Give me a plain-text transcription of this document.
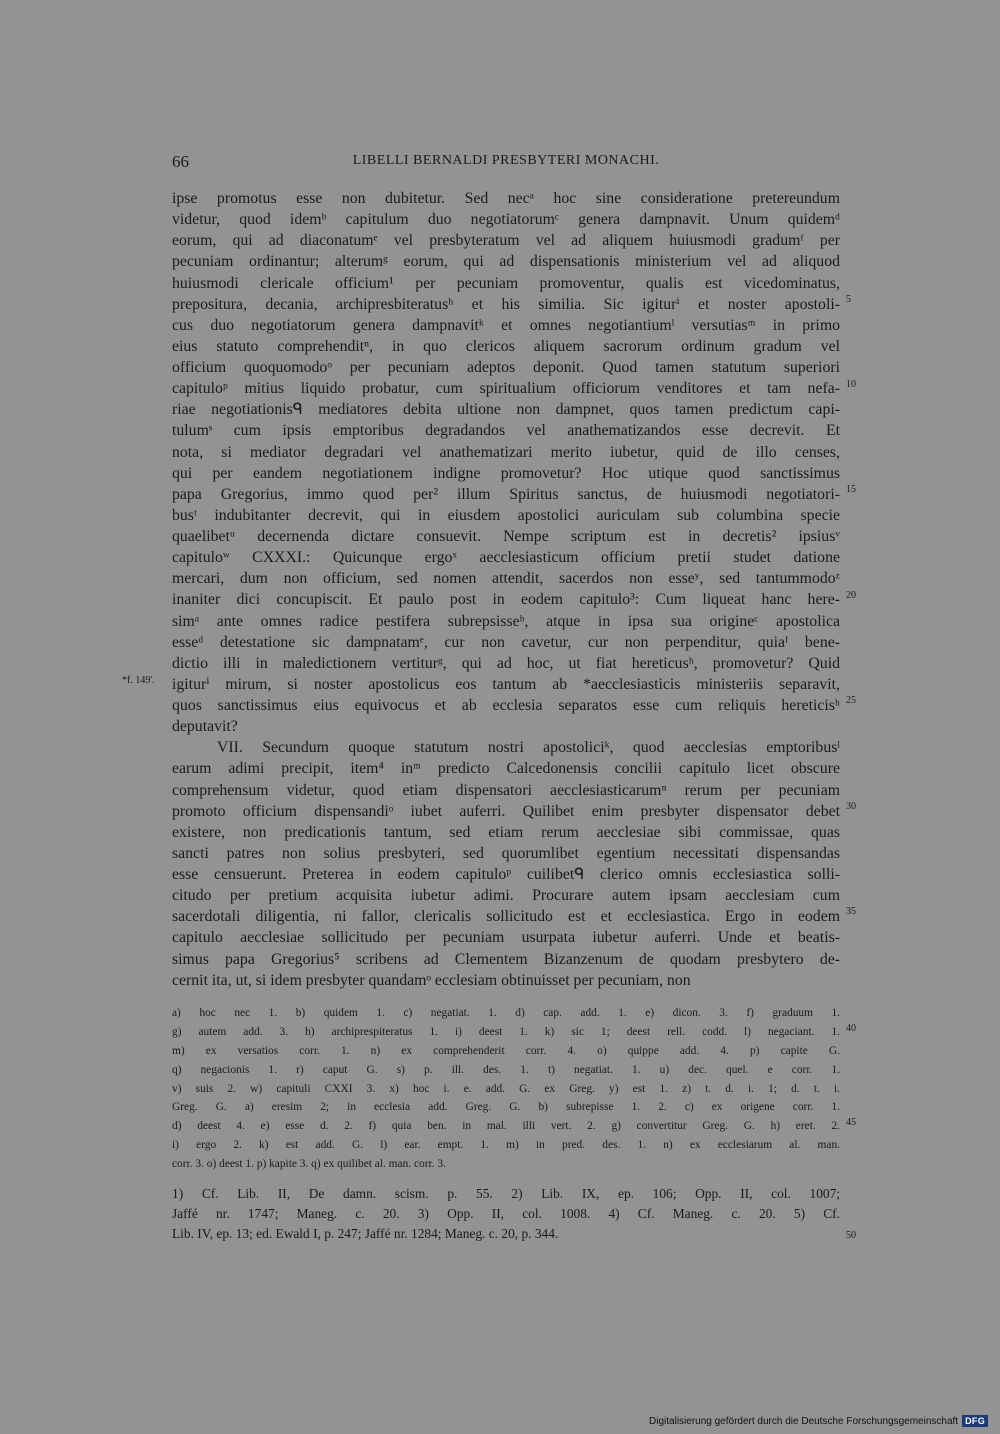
66	LIBELLI BERNALDI PRESBYTERI MONACHI.
ipse promotus esse non dubitetur. Sed necᵃ hoc sine consideratione pretereundum
videtur, quod idemᵇ capitulum duo negotiatorumᶜ genera dampnavit. Unum quidemᵈ
eorum, qui ad diaconatumᵉ vel presbyteratum vel ad aliquem huiusmodi gradumᶠ per
pecuniam ordinantur; alterumᵍ eorum, qui ad dispensationis ministerium vel ad aliquod
huiusmodi clericale officium¹ per pecuniam promoventur, qualis est vicedominatus,
prepositura, decania, archipresbiteratusʰ et his similia. Sic igiturⁱ et noster apostoli-
cus duo negotiatorum genera dampnavitᵏ et omnes negotiantiumˡ versutiasᵐ in primo
eius statuto comprehenditⁿ, in quo clericos aliquem sacrorum ordinum gradum vel
officium quoquomodoᵒ per pecuniam adeptos deponit. Quod tamen statutum superiori
capituloᵖ mitius liquido probatur, cum spiritualium officiorum venditores et tam nefa-
riae negotiationisᑫ mediatores debita ultione non dampnet, quos tamen predictum capi-
tulumˢ cum ipsis emptoribus degradandos vel anathematizandos esse decrevit. Et
nota, si mediator degradari vel anathematizari merito iubetur, quid de illo censes,
qui per eandem negotiationem indigne promovetur? Hoc utique quod sanctissimus
papa Gregorius, immo quod per² illum Spiritus sanctus, de huiusmodi negotiatori-
busᵗ indubitanter decrevit, qui in eiusdem apostolici auriculam sub columbina specie
quaelibetᵘ decernenda dictare consuevit. Nempe scriptum est in decretis² ipsiusᵛ
capituloʷ CXXXI.: Quicunque ergoˣ aecclesiasticum officium pretii studet datione
mercari, dum non officium, sed nomen attendit, sacerdos non esseʸ, sed tantummodoᶻ
inaniter dici concupiscit. Et paulo post in eodem capitulo³: Cum liqueat hanc here-
simᵃ ante omnes radice pestifera subrepsisseᵇ, atque in ipsa sua origineᶜ apostolica
esseᵈ detestatione sic dampnatamᵉ, cur non cavetur, cur non perpenditur, quiaᶠ bene-
dictio illi in maledictionem vertiturᵍ, qui ad hoc, ut fiat hereticusʰ, promovetur? Quid
igiturⁱ mirum, si noster apostolicus eos tantum ab *aecclesiasticis ministeriis separavit,
quos sanctissimus eius equivocus et ab ecclesia separatos esse cum reliquis hereticisʰ
deputavit?
VII. Secundum quoque statutum nostri apostoliciᵏ, quod aecclesias emptoribusˡ
earum adimi precipit, item⁴ inᵐ predicto Calcedonensis concilii capitulo licet obscure
comprehensum videtur, quod etiam dispensatori aecclesiasticarumⁿ rerum per pecuniam
promoto officium dispensandiᵒ iubet auferri. Quilibet enim presbyter dispensator debet
existere, non predicationis tantum, sed etiam rerum aecclesiae sibi commissae, quas
sancti patres non solius presbyteri, sed quorumlibet egentium necessitati dispensandas
esse censuerunt. Preterea in eodem capituloᵖ cuilibetᑫ clerico omnis ecclesiastica solli-
citudo per pretium acquisita iubetur adimi. Procurare autem ipsam aecclesiam cum
sacerdotali diligentia, ni fallor, clericalis sollicitudo est et ecclesiastica. Ergo in eodem
capitulo aecclesiae sollicitudo per pecuniam usurpata iubetur auferri. Unde et beatis-
simus papa Gregorius⁵ scribens ad Clementem Bizanzenum de quodam presbytero de-
cernit ita, ut, si idem presbyter quandamᵒ ecclesiam obtinuisset per pecuniam, non
5
10
15
20
25
30
35
*f. 149'.
a) hoc nec 1. b) quidem 1. c) negatiat. 1. d) cap. add. 1. e) dicon. 3. f) graduum 1.
g) autem add. 3. h) archiprespiteratus 1. i) deest 1. k) sic 1; deest rell. codd. l) negaciant. 1.
m) ex versatios corr. 1. n) ex comprehenderit corr. 4. o) quippe add. 4. p) capite G.
q) negacionis 1. r) caput G. s) p. ill. des. 1. t) negatiat. 1. u) dec. quel. e corr. 1.
v) suis 2. w) capituli CXXI 3. x) hoc i. e. add. G. ex Greg. y) est 1. z) t. d. i. 1; d. t. i.
Greg. G. a) eresim 2; in ecclesia add. Greg. G. b) subrepisse 1. 2. c) ex origene corr. 1.
d) deest 4. e) esse d. 2. f) quia ben. in mal. illi vert. 2. g) convertitur Greg. G. h) eret. 2.
i) ergo 2. k) est add. G. l) ear. empt. 1. m) in pred. des. 1. n) ex ecclesiarum al. man.
corr. 3. o) deest 1. p) kapite 3. q) ex quilibet al. man. corr. 3.
40
45
1) Cf. Lib. II, De damn. scism. p. 55. 2) Lib. IX, ep. 106; Opp. II, col. 1007;
Jaffé nr. 1747; Maneg. c. 20. 3) Opp. II, col. 1008. 4) Cf. Maneg. c. 20. 5) Cf.
Lib. IV, ep. 13; ed. Ewald I, p. 247; Jaffé nr. 1284; Maneg. c. 20, p. 344.	50
Digitalisierung gefördert durch die Deutsche Forschungsgemeinschaft DFG
